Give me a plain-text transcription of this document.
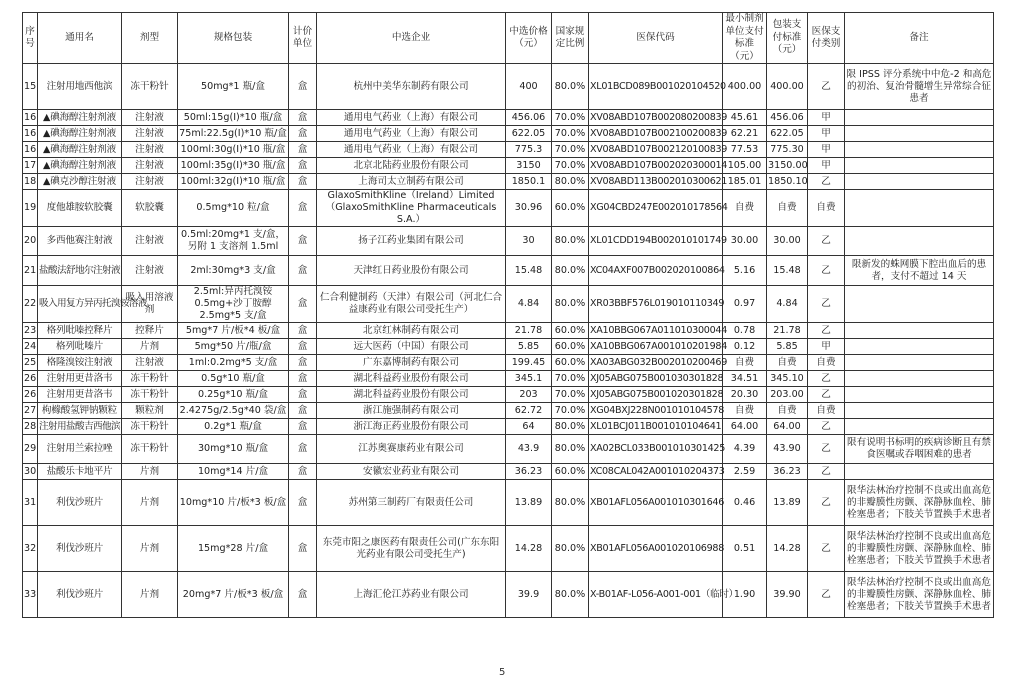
序号	通用名	剂型	规格包装	计价单位	中选企业	中选价格（元）	国家规定比例	医保代码	最小制剂单位支付标准（元）	包装支付标准（元）	医保支付类别	备注
15	注射用地西他滨	冻干粉针	50mg*1 瓶/盒	盒	杭州中美华东制药有限公司	400	80.0%	XL01BCD089B001020104520	400.00	400.00	乙	限 IPSS 评分系统中中危-2 和高危的初治、复治骨髓增生异常综合征患者
16	▲碘海醇注射剂液	注射液	50ml:15g(I)*10 瓶/盒	盒	通用电气药业（上海）有限公司	456.06	70.0%	XV08ABD107B002080200839	45.61	456.06	甲	
16	▲碘海醇注射剂液	注射液	75ml:22.5g(I)*10 瓶/盒	盒	通用电气药业（上海）有限公司	622.05	70.0%	XV08ABD107B002100200839	62.21	622.05	甲	
16	▲碘海醇注射剂液	注射液	100ml:30g(I)*10 瓶/盒	盒	通用电气药业（上海）有限公司	775.3	70.0%	XV08ABD107B002120100839	77.53	775.30	甲	
17	▲碘海醇注射剂液	注射液	100ml:35g(I)*30 瓶/盒	盒	北京北陆药业股份有限公司	3150	70.0%	XV08ABD107B002020300014	105.00	3150.00	甲	
18	▲碘克沙醇注射液	注射液	100ml:32g(I)*10 瓶/盒	盒	上海司太立制药有限公司	1850.1	80.0%	XV08ABD113B002010300621	185.01	1850.10	乙	
19	度他雄胺软胶囊	软胶囊	0.5mg*10 粒/盒	盒	GlaxoSmithKline（Ireland）Limited（GlaxoSmithKline Pharmaceuticals S.A.）	30.96	60.0%	XG04CBD247E002010178564	自费	自费	自费	
20	多西他赛注射液	注射液	0.5ml:20mg*1 支/盒，另附 1 支溶剂 1.5ml	盒	扬子江药业集团有限公司	30	80.0%	XL01CDD194B002010101749	30.00	30.00	乙	
21	盐酸法舒地尔注射液	注射液	2ml:30mg*3 支/盒	盒	天津红日药业股份有限公司	15.48	80.0%	XC04AXF007B002020100864	5.16	15.48	乙	限新发的蛛网膜下腔出血后的患者，支付不超过 14 天
22	吸入用复方异丙托溴铵溶液	吸入用溶液剂	2.5ml:异丙托溴铵 0.5mg+沙丁胺醇 2.5mg*5 支/盒	盒	仁合利健制药（天津）有限公司（河北仁合益康药业有限公司受托生产）	4.84	80.0%	XR03BBF576L019010110349	0.97	4.84	乙	
23	格列吡嗪控释片	控释片	5mg*7 片/板*4 板/盒	盒	北京红林制药有限公司	21.78	60.0%	XA10BBG067A011010300044	0.78	21.78	乙	
24	格列吡嗪片	片剂	5mg*50 片/瓶/盒	盒	远大医药（中国）有限公司	5.85	60.0%	XA10BBG067A001010201984	0.12	5.85	甲	
25	格隆溴铵注射液	注射液	1ml:0.2mg*5 支/盒	盒	广东嘉博制药有限公司	199.45	60.0%	XA03ABG032B002010200469	自费	自费	自费	
26	注射用更昔洛韦	冻干粉针	0.5g*10 瓶/盒	盒	湖北科益药业股份有限公司	345.1	70.0%	XJ05ABG075B001030301828	34.51	345.10	乙	
26	注射用更昔洛韦	冻干粉针	0.25g*10 瓶/盒	盒	湖北科益药业股份有限公司	203	70.0%	XJ05ABG075B001020301828	20.30	203.00	乙	
27	枸橼酸氢钾钠颗粒	颗粒剂	2.4275g/2.5g*40 袋/盒	盒	浙江施强制药有限公司	62.72	70.0%	XG04BXJ228N001010104578	自费	自费	自费	
28	注射用盐酸吉西他滨	冻干粉针	0.2g*1 瓶/盒	盒	浙江海正药业股份有限公司	64	80.0%	XL01BCJ011B001010104641	64.00	64.00	乙	
29	注射用兰索拉唑	冻干粉针	30mg*10 瓶/盒	盒	江苏奥赛康药业有限公司	43.9	80.0%	XA02BCL033B001010301425	4.39	43.90	乙	限有说明书标明的疾病诊断且有禁食医嘱或吞咽困难的患者
30	盐酸乐卡地平片	片剂	10mg*14 片/盒	盒	安徽宏业药业有限公司	36.23	60.0%	XC08CAL042A001010204373	2.59	36.23	乙	
31	利伐沙班片	片剂	10mg*10 片/板*3 板/盒	盒	苏州第三制药厂有限责任公司	13.89	80.0%	XB01AFL056A001010301646	0.46	13.89	乙	限华法林治疗控制不良或出血高危的非瓣膜性房颤、深静脉血栓、肺栓塞患者；下肢关节置换手术患者
32	利伐沙班片	片剂	15mg*28 片/盒	盒	东莞市阳之康医药有限责任公司(广东东阳光药业有限公司受托生产)	14.28	80.0%	XB01AFL056A001020106988	0.51	14.28	乙	限华法林治疗控制不良或出血高危的非瓣膜性房颤、深静脉血栓、肺栓塞患者；下肢关节置换手术患者
33	利伐沙班片	片剂	20mg*7 片/板*3 板/盒	盒	上海汇伦江苏药业有限公司	39.9	80.0%	X-B01AF-L056-A001-001（临时）	1.90	39.90	乙	限华法林治疗控制不良或出血高危的非瓣膜性房颤、深静脉血栓、肺栓塞患者；下肢关节置换手术患者
5
